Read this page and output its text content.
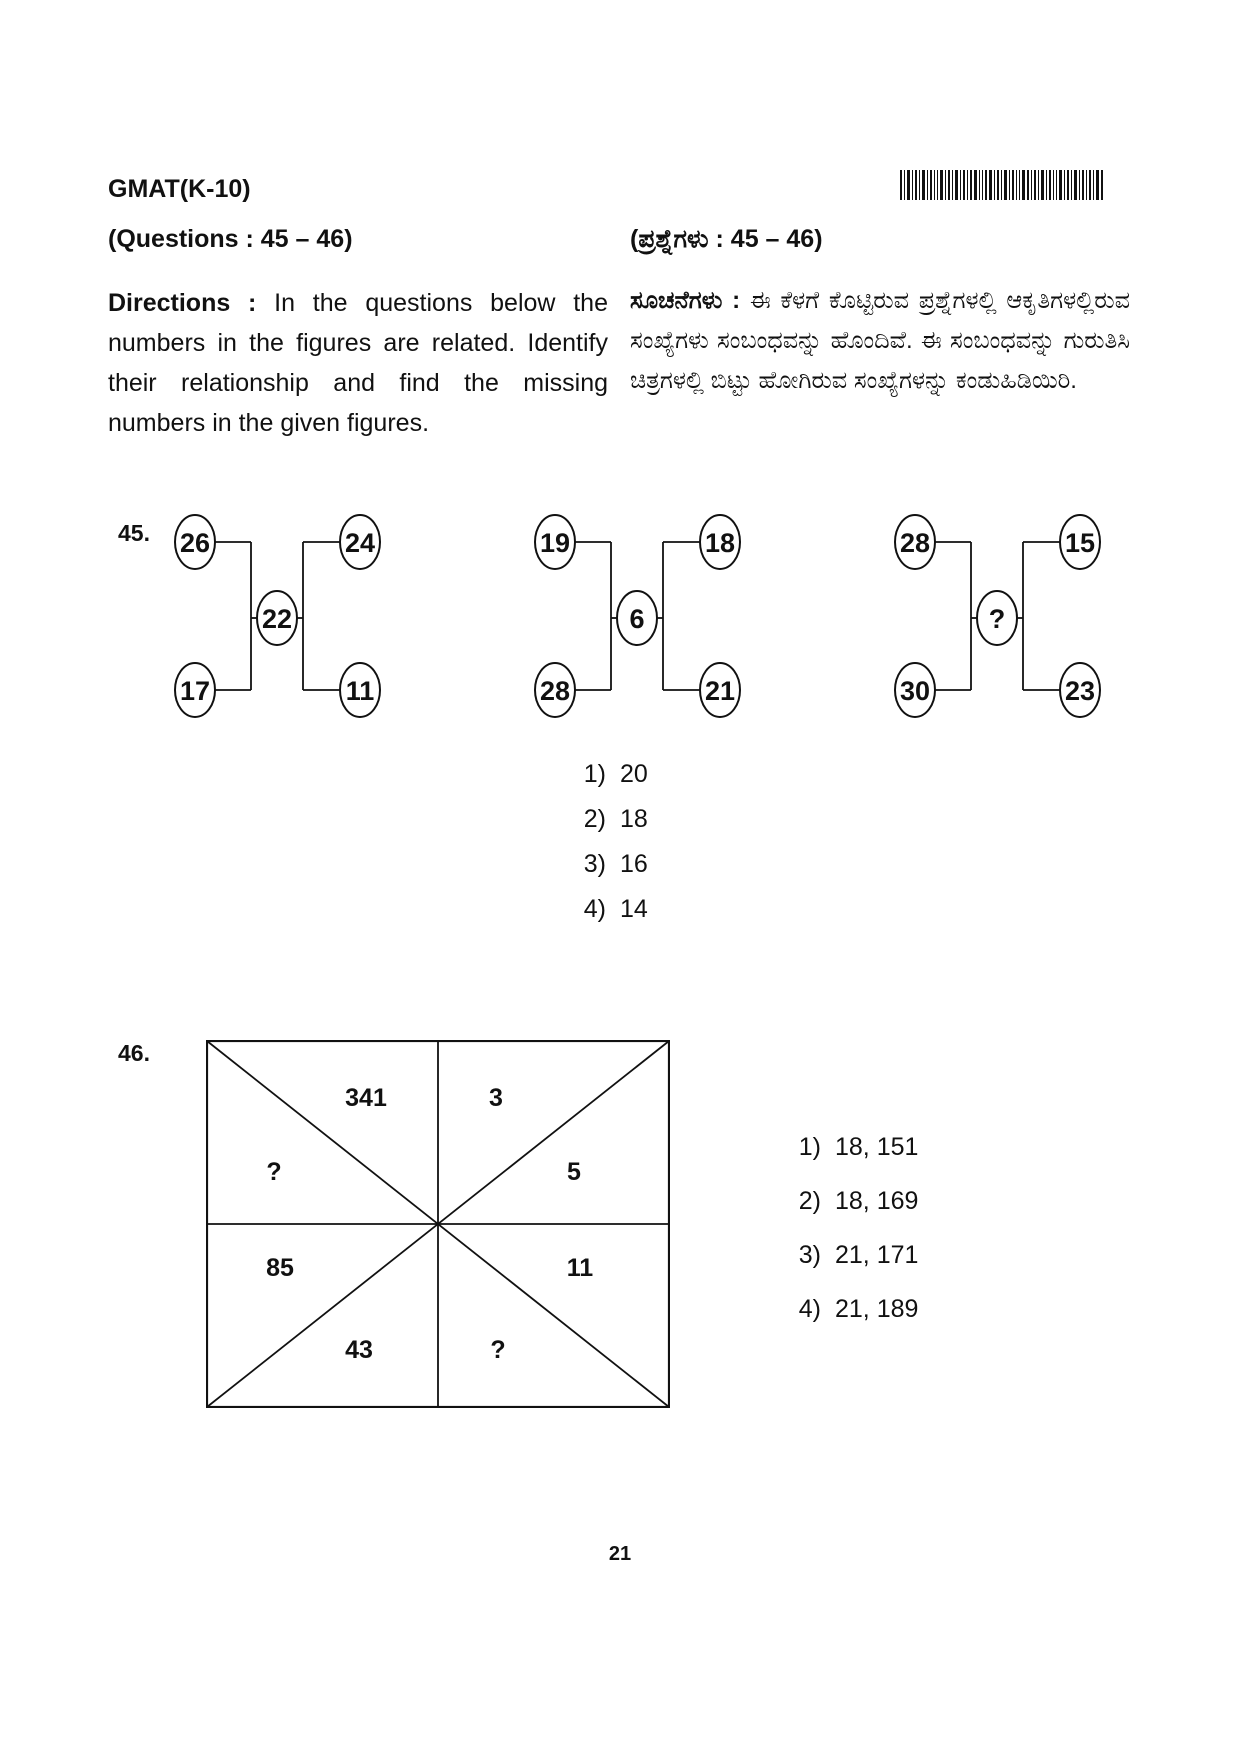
GMAT(K-10)
(Questions : 45 – 46)	(ಪ್ರಶ್ನೆಗಳು : 45 – 46)
Directions : In the questions below the numbers in the figures are related. Identify their relationship and find the missing numbers in the given figures.
ಸೂಚನೆಗಳು : ಈ ಕೆಳಗೆ ಕೊಟ್ಟಿರುವ ಪ್ರಶ್ನೆಗಳಲ್ಲಿ ಆಕೃತಿಗಳಲ್ಲಿರುವ ಸಂಖ್ಯೆಗಳು ಸಂಬಂಧವನ್ನು ಹೊಂದಿವೆ. ಈ ಸಂಬಂಧವನ್ನು ಗುರುತಿಸಿ ಚಿತ್ರಗಳಲ್ಲಿ ಬಿಟ್ಟು ಹೋಗಿರುವ ಸಂಖ್ಯೆಗಳನ್ನು ಕಂಡುಹಿಡಿಯಿರಿ.
45. 26	24
22
17	11
19	18
6
28	21
28	15
?
30	23
1) 20
2) 18
3) 16
4) 14
46.
341	3
?	5
85	11
43	?
1) 18, 151
2) 18, 169
3) 21, 171
4) 21, 189
21
